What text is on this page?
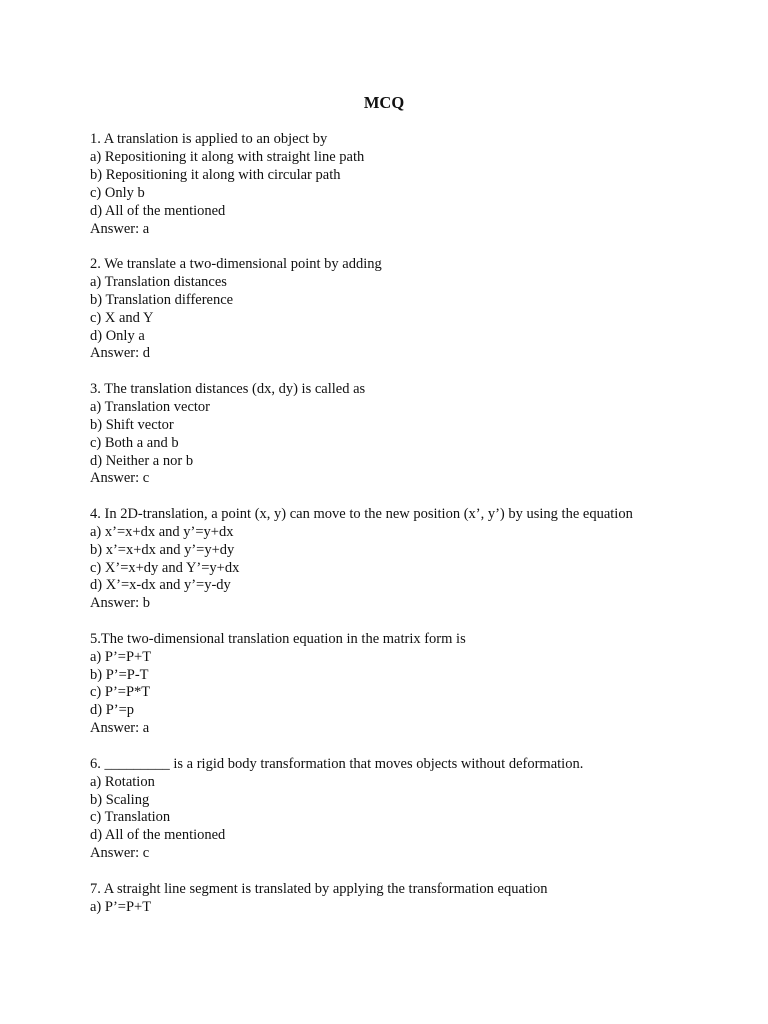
MCQ
1. A translation is applied to an object by
a) Repositioning it along with straight line path
b) Repositioning it along with circular path
c) Only b
d) All of the mentioned
Answer: a
2. We translate a two-dimensional point by adding
a) Translation distances
b) Translation difference
c) X and Y
d) Only a
Answer: d
3. The translation distances (dx, dy) is called as
a) Translation vector
b) Shift vector
c) Both a and b
d) Neither a nor b
Answer: c
4. In 2D-translation, a point (x, y) can move to the new position (x’, y’) by using the equation
a) x’=x+dx and y’=y+dx
b) x’=x+dx and y’=y+dy
c) X’=x+dy and Y’=y+dx
d) X’=x-dx and y’=y-dy
Answer: b
5.The two-dimensional translation equation in the matrix form is
a) P’=P+T
b) P’=P-T
c) P’=P*T
d) P’=p
Answer: a
6. _________ is a rigid body transformation that moves objects without deformation.
a) Rotation
b) Scaling
c) Translation
d) All of the mentioned
Answer: c
7. A straight line segment is translated by applying the transformation equation
a) P’=P+T
